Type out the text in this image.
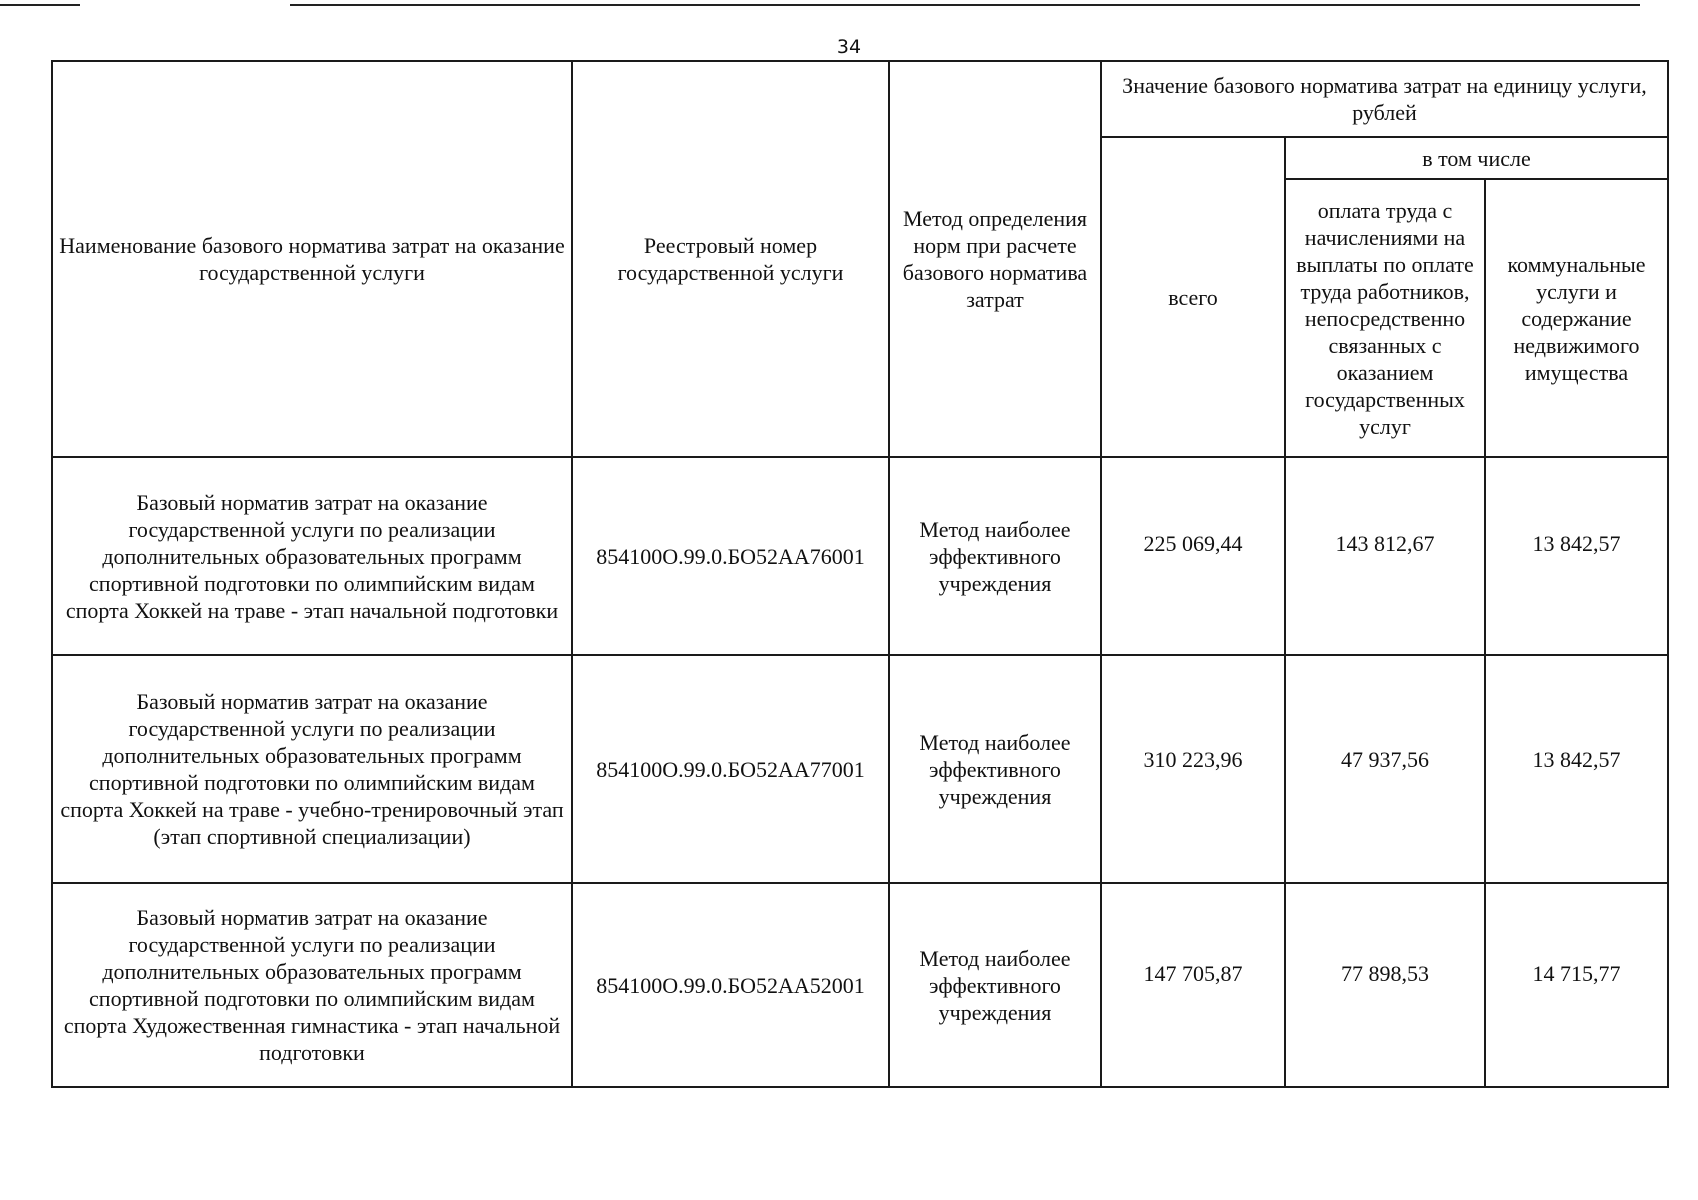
34
Наименование базового норматива затрат на оказание государственной услуги	Реестровый номер государственной услуги	Метод определения норм при расчете базового норматива затрат	Значение базового норматива затрат на единицу услуги, рублей		
			всего	в том числе	
				оплата труда с начислениями на выплаты по оплате труда работников, непосредственно связанных с оказанием государственных услуг	коммунальные услуги и содержание недвижимого имущества
Базовый норматив затрат на оказание государственной услуги по реализации дополнительных образовательных программ спортивной подготовки по олимпийским видам спорта Хоккей на траве - этап начальной подготовки	854100О.99.0.БО52АА76001	Метод наиболее эффективного учреждения	225 069,44	143 812,67	13 842,57
Базовый норматив затрат на оказание государственной услуги по реализации дополнительных образовательных программ спортивной подготовки по олимпийским видам спорта Хоккей на траве - учебно-тренировочный этап (этап спортивной специализации)	854100О.99.0.БО52АА77001	Метод наиболее эффективного учреждения	310 223,96	47 937,56	13 842,57
Базовый норматив затрат на оказание государственной услуги по реализации дополнительных образовательных программ спортивной подготовки по олимпийским видам спорта Художественная гимнастика - этап начальной подготовки	854100О.99.0.БО52АА52001	Метод наиболее эффективного учреждения	147 705,87	77 898,53	14 715,77
